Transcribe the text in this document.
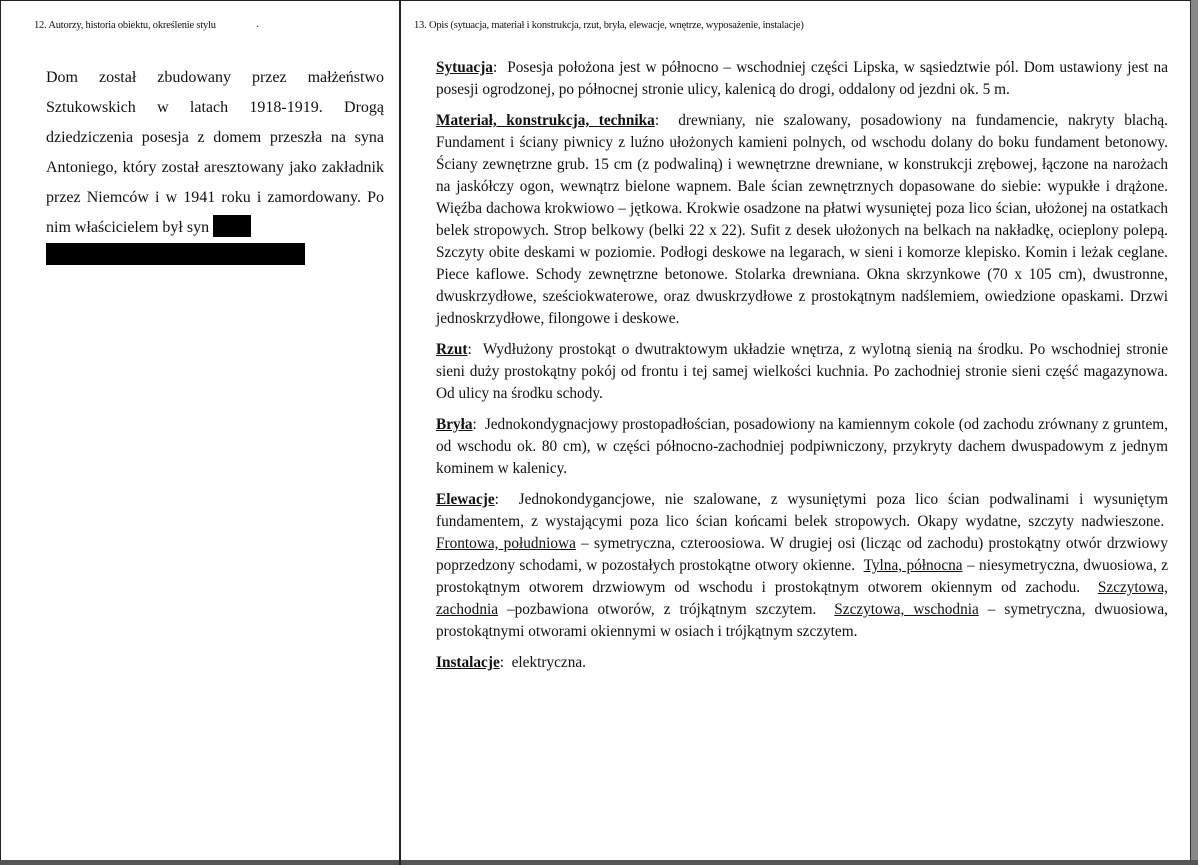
12. Autorzy, historia obiektu, określenie stylu	·

Dom został zbudowany przez małżeństwo Sztukowskich w latach 1918-1919. Drogą dziedziczenia posesja z domem przeszła na syna Antoniego, który został aresztowany jako zakładnik przez Niemców i w 1941 roku i zamordowany. Po nim właścicielem był syn

13. Opis (sytuacja, materiał i konstrukcja, rzut, bryła, elewacje, wnętrze, wyposażenie, instalacje)

Sytuacja:  Posesja położona jest w północno – wschodniej części Lipska, w sąsiedztwie pól. Dom ustawiony jest na posesji ogrodzonej, po północnej stronie ulicy, kalenicą do drogi, oddalony od jezdni ok. 5 m.

Materiał, konstrukcja, technika:  drewniany, nie szalowany, posadowiony na fundamencie, nakryty blachą. Fundament i ściany piwnicy z luźno ułożonych kamieni polnych, od wschodu dolany do boku fundament betonowy. Ściany zewnętrzne grub. 15 cm (z podwaliną) i wewnętrzne drewniane, w konstrukcji zrębowej, łączone na narożach na jaskółczy ogon, wewnątrz bielone wapnem. Bale ścian zewnętrznych dopasowane do siebie: wypukłe i drążone. Więźba dachowa krokwiowo – jętkowa. Krokwie osadzone na płatwi wysuniętej poza lico ścian, ułożonej na ostatkach belek stropowych. Strop belkowy (belki 22 x 22). Sufit z desek ułożonych na belkach na nakładkę, ocieplony polepą. Szczyty obite deskami w poziomie. Podłogi deskowe na legarach, w sieni i komorze klepisko. Komin i leżak ceglane. Piece kaflowe. Schody zewnętrzne betonowe. Stolarka drewniana. Okna skrzynkowe (70 x 105 cm), dwustronne, dwuskrzydłowe, sześciokwaterowe, oraz dwuskrzydłowe z prostokątnym nadślemiem, owiedzione opaskami. Drzwi jednoskrzydłowe, filongowe i deskowe.

Rzut:  Wydłużony prostokąt o dwutraktowym układzie wnętrza, z wylotną sienią na środku. Po wschodniej stronie sieni duży prostokątny pokój od frontu i tej samej wielkości kuchnia. Po zachodniej stronie sieni część magazynowa. Od ulicy na środku schody.

Bryła:  Jednokondygnacjowy prostopadłościan, posadowiony na kamiennym cokole (od zachodu zrównany z gruntem, od wschodu ok. 80 cm), w części północno-zachodniej podpiwniczony, przykryty dachem dwuspadowym z jednym kominem w kalenicy.

Elewacje:  Jednokondygancjowe, nie szalowane, z wysuniętymi poza lico ścian podwalinami i wysuniętym fundamentem, z wystającymi poza lico ścian końcami belek stropowych. Okapy wydatne, szczyty nadwieszone.  Frontowa, południowa – symetryczna, czteroosiowa. W drugiej osi (licząc od zachodu) prostokątny otwór drzwiowy poprzedzony schodami, w pozostałych prostokątne otwory okienne. Tylna, północna – niesymetryczna, dwuosiowa, z prostokątnym otworem drzwiowym od wschodu i prostokątnym otworem okiennym od zachodu. Szczytowa, zachodnia –pozbawiona otworów, z trójkątnym szczytem. Szczytowa, wschodnia – symetryczna, dwuosiowa, prostokątnymi otworami okiennymi w osiach i trójkątnym szczytem.

Instalacje:  elektryczna.
